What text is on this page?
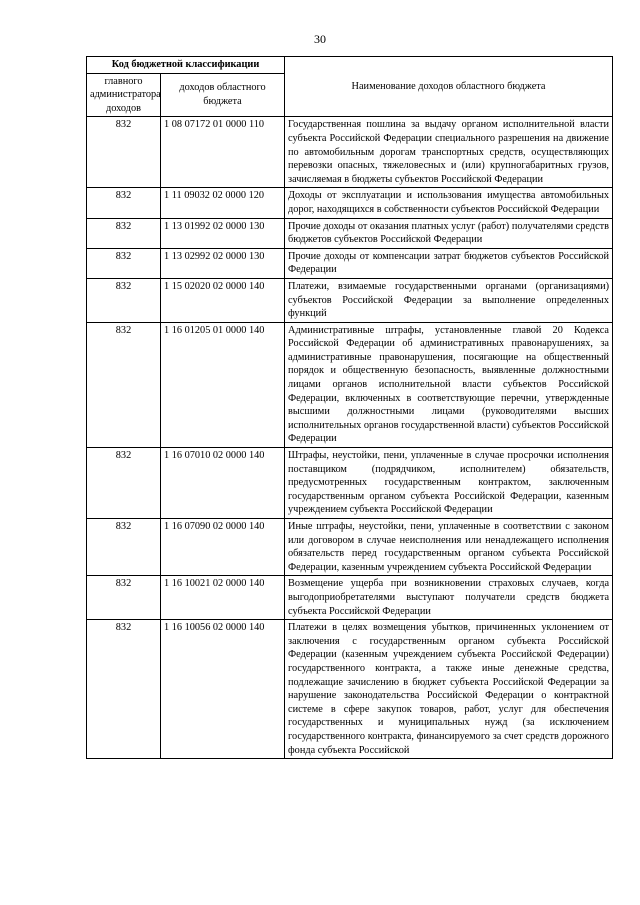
30
Код бюджетной классификации		Наименование доходов областного бюджета
главного администратора доходов	доходов областного бюджета	
832	1 08 07172 01 0000 110	Государственная пошлина за выдачу органом исполнительной власти субъекта Российской Федерации специального разрешения на движение по автомобильным дорогам транспортных средств, осуществляющих перевозки опасных, тяжеловесных и (или) крупногабаритных грузов, зачисляемая в бюджеты субъектов Российской Федерации
832	1 11 09032 02 0000 120	Доходы от эксплуатации и использования имущества автомобильных дорог, находящихся в собственности субъектов Российской Федерации
832	1 13 01992 02 0000 130	Прочие доходы от оказания платных услуг (работ) получателями средств бюджетов субъектов Российской Федерации
832	1 13 02992 02 0000 130	Прочие доходы от компенсации затрат бюджетов субъектов Российской Федерации
832	1 15 02020 02 0000 140	Платежи, взимаемые государственными органами (организациями) субъектов Российской Федерации за выполнение определенных функций
832	1 16 01205 01 0000 140	Административные штрафы, установленные главой 20 Кодекса Российской Федерации об административных правонарушениях, за административные правонарушения, посягающие на общественный порядок и общественную безопасность, выявленные должностными лицами органов исполнительной власти субъектов Российской Федерации, включенных в соответствующие перечни, утвержденные высшими должностными лицами (руководителями высших исполнительных органов государственной власти) субъектов Российской Федерации
832	1 16 07010 02 0000 140	Штрафы, неустойки, пени, уплаченные в случае просрочки исполнения поставщиком (подрядчиком, исполнителем) обязательств, предусмотренных государственным контрактом, заключенным государственным органом субъекта Российской Федерации, казенным учреждением субъекта Российской Федерации
832	1 16 07090 02 0000 140	Иные штрафы, неустойки, пени, уплаченные в соответствии с законом или договором в случае неисполнения или ненадлежащего исполнения обязательств перед государственным органом субъекта Российской Федерации, казенным учреждением субъекта Российской Федерации
832	1 16 10021 02 0000 140	Возмещение ущерба при возникновении страховых случаев, когда выгодоприобретателями выступают получатели средств бюджета субъекта Российской Федерации
832	1 16 10056 02 0000 140	Платежи в целях возмещения убытков, причиненных уклонением от заключения с государственным органом субъекта Российской Федерации (казенным учреждением субъекта Российской Федерации) государственного контракта, а также иные денежные средства, подлежащие зачислению в бюджет субъекта Российской Федерации за нарушение законодательства Российской Федерации о контрактной системе в сфере закупок товаров, работ, услуг для обеспечения государственных и муниципальных нужд (за исключением государственного контракта, финансируемого за счет средств дорожного фонда субъекта Российской
